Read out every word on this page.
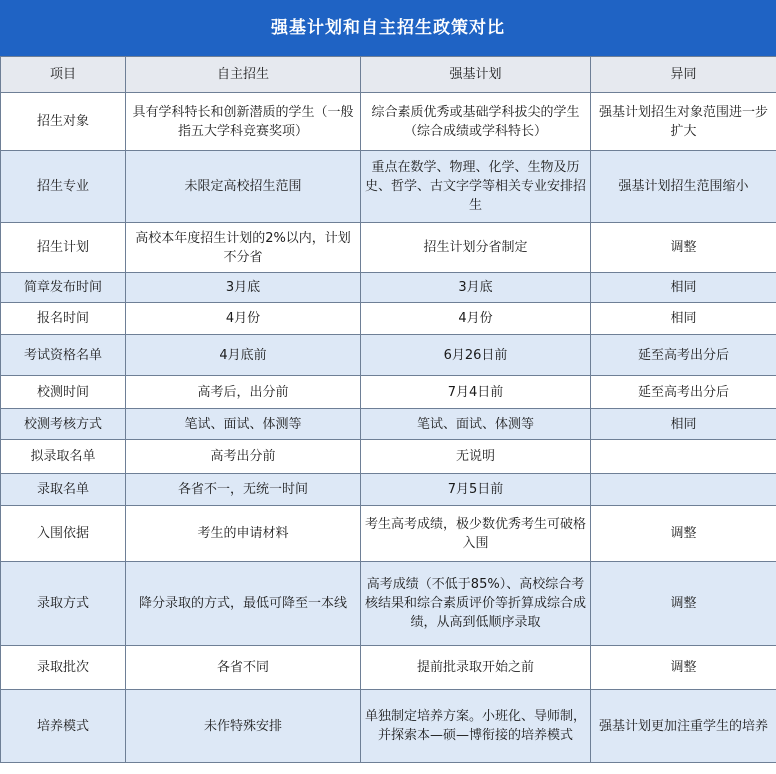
强基计划和自主招生政策对比
项目	自主招生	强基计划	异同
招生对象	具有学科特长和创新潜质的学生（一般指五大学科竞赛奖项）	综合素质优秀或基础学科拔尖的学生（综合成绩或学科特长）	强基计划招生对象范围进一步扩大
招生专业	未限定高校招生范围	重点在数学、物理、化学、生物及历史、哲学、古文字学等相关专业安排招生	强基计划招生范围缩小
招生计划	高校本年度招生计划的2%以内，计划不分省	招生计划分省制定	调整
简章发布时间	3月底	3月底	相同
报名时间	4月份	4月份	相同
考试资格名单	4月底前	6月26日前	延至高考出分后
校测时间	高考后，出分前	7月4日前	延至高考出分后
校测考核方式	笔试、面试、体测等	笔试、面试、体测等	相同
拟录取名单	高考出分前	无说明	
录取名单	各省不一，无统一时间	7月5日前	
入围依据	考生的申请材料	考生高考成绩，极少数优秀考生可破格入围	调整
录取方式	降分录取的方式，最低可降至一本线	高考成绩（不低于85%）、高校综合考核结果和综合素质评价等折算成综合成绩，从高到低顺序录取	调整
录取批次	各省不同	提前批录取开始之前	调整
培养模式	未作特殊安排	单独制定培养方案。小班化、导师制，并探索本—硕—博衔接的培养模式	强基计划更加注重学生的培养
